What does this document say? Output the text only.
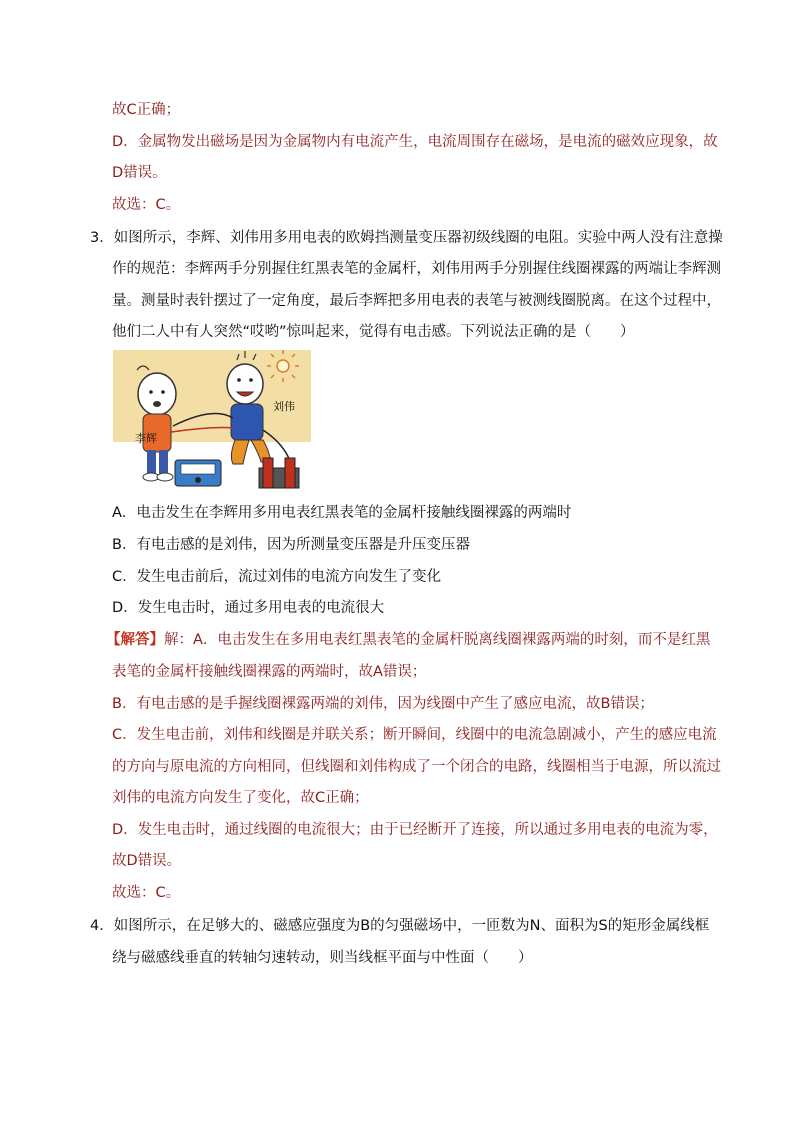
故C正确；
D．金属物发出磁场是因为金属物内有电流产生，电流周围存在磁场，是电流的磁效应现象，故
D错误。
故选：C。
3．如图所示，李辉、刘伟用多用电表的欧姆挡测量变压器初级线圈的电阻。实验中两人没有注意操
作的规范：李辉两手分别握住红黑表笔的金属杆，刘伟用两手分别握住线圈裸露的两端让李辉测
量。测量时表针摆过了一定角度，最后李辉把多用电表的表笔与被测线圈脱离。在这个过程中，
他们二人中有人突然“哎哟”惊叫起来，觉得有电击感。下列说法正确的是（　　）
李辉
刘伟
A．电击发生在李辉用多用电表红黑表笔的金属杆接触线圈裸露的两端时
B．有电击感的是刘伟，因为所测量变压器是升压变压器
C．发生电击前后，流过刘伟的电流方向发生了变化
D．发生电击时，通过多用电表的电流很大
【解答】解：A．电击发生在多用电表红黑表笔的金属杆脱离线圈裸露两端的时刻，而不是红黑
表笔的金属杆接触线圈裸露的两端时，故A错误；
B．有电击感的是手握线圈裸露两端的刘伟，因为线圈中产生了感应电流，故B错误；
C．发生电击前，刘伟和线圈是并联关系；断开瞬间，线圈中的电流急剧减小，产生的感应电流
的方向与原电流的方向相同，但线圈和刘伟构成了一个闭合的电路，线圈相当于电源，所以流过
刘伟的电流方向发生了变化，故C正确；
D．发生电击时，通过线圈的电流很大；由于已经断开了连接，所以通过多用电表的电流为零，
故D错误。
故选：C。
4．如图所示，在足够大的、磁感应强度为B的匀强磁场中，一匝数为N、面积为S的矩形金属线框
绕与磁感线垂直的转轴匀速转动，则当线框平面与中性面（　　）
